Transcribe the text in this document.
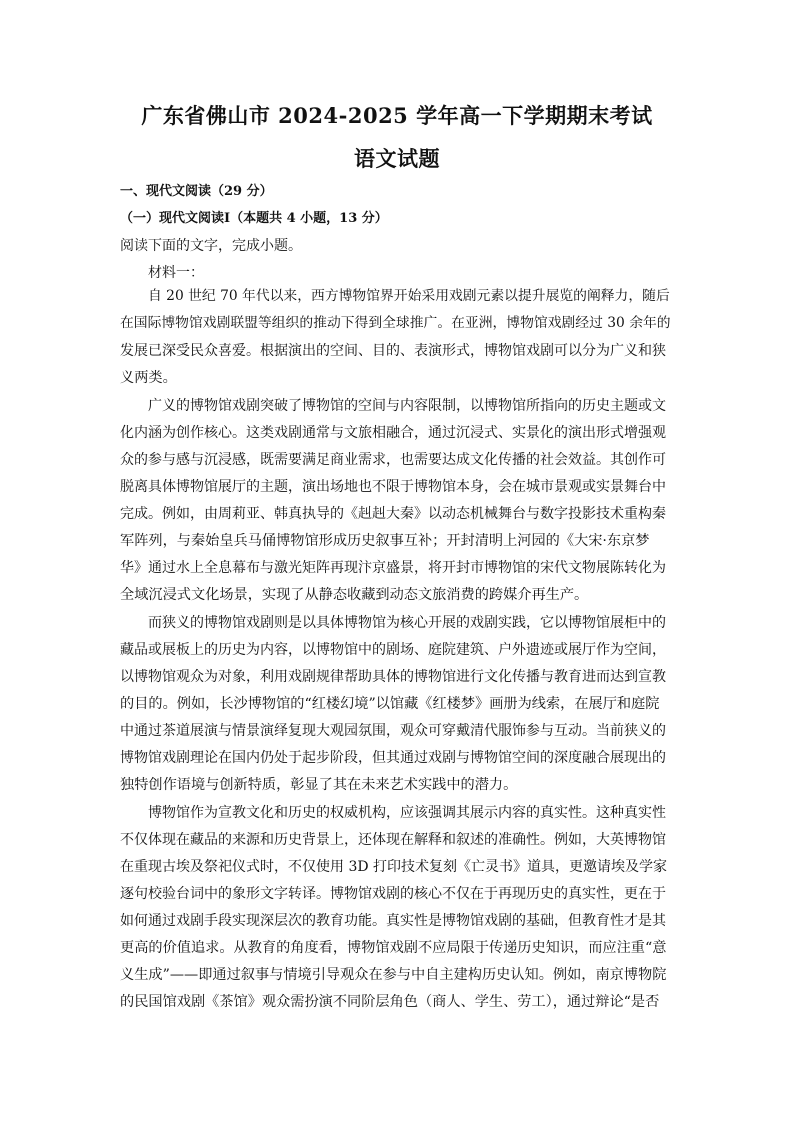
广东省佛山市 2024-2025 学年高一下学期期末考试
语文试题
一、现代文阅读（29 分）
（一）现代文阅读Ⅰ（本题共 4 小题，13 分）
阅读下面的文字，完成小题。
材料一：
自 20 世纪 70 年代以来，西方博物馆界开始采用戏剧元素以提升展览的阐释力，随后
在国际博物馆戏剧联盟等组织的推动下得到全球推广。在亚洲，博物馆戏剧经过 30 余年的
发展已深受民众喜爱。根据演出的空间、目的、表演形式，博物馆戏剧可以分为广义和狭
义两类。
广义的博物馆戏剧突破了博物馆的空间与内容限制，以博物馆所指向的历史主题或文
化内涵为创作核心。这类戏剧通常与文旅相融合，通过沉浸式、实景化的演出形式增强观
众的参与感与沉浸感，既需要满足商业需求，也需要达成文化传播的社会效益。其创作可
脱离具体博物馆展厅的主题，演出场地也不限于博物馆本身，会在城市景观或实景舞台中
完成。例如，由周莉亚、韩真执导的《赳赳大秦》以动态机械舞台与数字投影技术重构秦
军阵列，与秦始皇兵马俑博物馆形成历史叙事互补；开封清明上河园的《大宋·东京梦
华》通过水上全息幕布与激光矩阵再现汴京盛景，将开封市博物馆的宋代文物展陈转化为
全域沉浸式文化场景，实现了从静态收藏到动态文旅消费的跨媒介再生产。
而狭义的博物馆戏剧则是以具体博物馆为核心开展的戏剧实践，它以博物馆展柜中的
藏品或展板上的历史为内容，以博物馆中的剧场、庭院建筑、户外遗迹或展厅作为空间，
以博物馆观众为对象，利用戏剧规律帮助具体的博物馆进行文化传播与教育进而达到宣教
的目的。例如，长沙博物馆的“红楼幻境”以馆藏《红楼梦》画册为线索，在展厅和庭院
中通过茶道展演与情景演绎复现大观园氛围，观众可穿戴清代服饰参与互动。当前狭义的
博物馆戏剧理论在国内仍处于起步阶段，但其通过戏剧与博物馆空间的深度融合展现出的
独特创作语境与创新特质，彰显了其在未来艺术实践中的潜力。
博物馆作为宣教文化和历史的权威机构，应该强调其展示内容的真实性。这种真实性
不仅体现在藏品的来源和历史背景上，还体现在解释和叙述的准确性。例如，大英博物馆
在重现古埃及祭祀仪式时，不仅使用 3D 打印技术复刻《亡灵书》道具，更邀请埃及学家
逐句校验台词中的象形文字转译。博物馆戏剧的核心不仅在于再现历史的真实性，更在于
如何通过戏剧手段实现深层次的教育功能。真实性是博物馆戏剧的基础，但教育性才是其
更高的价值追求。从教育的角度看，博物馆戏剧不应局限于传递历史知识，而应注重“意
义生成”——即通过叙事与情境引导观众在参与中自主建构历史认知。例如，南京博物院
的民国馆戏剧《茶馆》观众需扮演不同阶层角色（商人、学生、劳工），通过辩论“是否
